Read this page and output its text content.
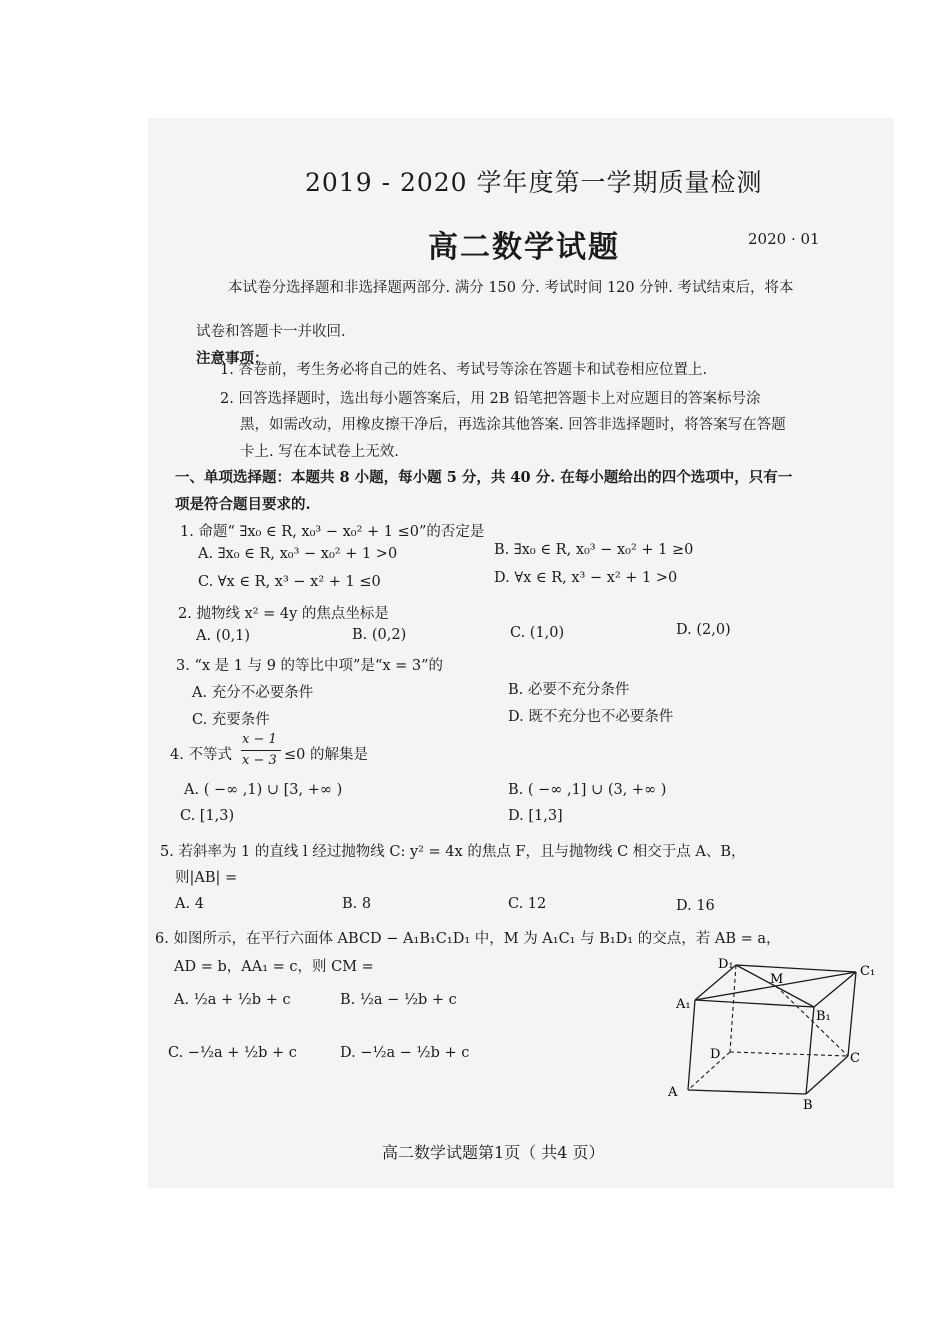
2019 - 2020 学年度第一学期质量检测
高二数学试题	2020 · 01
本试卷分选择题和非选择题两部分. 满分 150 分. 考试时间 120 分钟. 考试结束后，将本
试卷和答题卡一并收回.
注意事项：
1. 答卷前，考生务必将自己的姓名、考试号等涂在答题卡和试卷相应位置上.
2. 回答选择题时，选出每小题答案后，用 2B 铅笔把答题卡上对应题目的答案标号涂
黑，如需改动，用橡皮擦干净后，再选涂其他答案. 回答非选择题时，将答案写在答题
卡上. 写在本试卷上无效.
一、单项选择题：本题共 8 小题，每小题 5 分，共 40 分. 在每小题给出的四个选项中，只有一
项是符合题目要求的.
1. 命题“ ∃x₀ ∈ R, x₀³ − x₀² + 1 ≤0”的否定是
A. ∃x₀ ∈ R, x₀³ − x₀² + 1 >0	B. ∃x₀ ∈ R, x₀³ − x₀² + 1 ≥0
C. ∀x ∈ R, x³ − x² + 1 ≤0	D. ∀x ∈ R, x³ − x² + 1 >0
2. 抛物线 x² = 4y 的焦点坐标是
A. (0,1)	B. (0,2)	C. (1,0)	D. (2,0)
3. “x 是 1 与 9 的等比中项”是“x = 3”的
A. 充分不必要条件	B. 必要不充分条件
C. 充要条件	D. 既不充分也不必要条件
4. 不等式
x − 1
x − 3 ≤0 的解集是
A. ( −∞ ,1) ∪ [3, +∞ )	B. ( −∞ ,1] ∪ (3, +∞ )
C. [1,3)	D. [1,3]
5. 若斜率为 1 的直线 l 经过抛物线 C: y² = 4x 的焦点 F，且与抛物线 C 相交于点 A、B，
则|AB| =
A. 4	B. 8	C. 12	D. 16
6. 如图所示，在平行六面体 ABCD − A₁B₁C₁D₁ 中，M 为 A₁C₁ 与 B₁D₁ 的交点，若 AB = a，
AD = b，AA₁ = c，则 CM =
A. ½a + ½b + c	B. ½a − ½b + c
C. −½a + ½b + c	D. −½a − ½b + c
D₁
M
C₁
A₁
B₁
D	C
A
B
高二数学试题第1页（ 共4 页）
